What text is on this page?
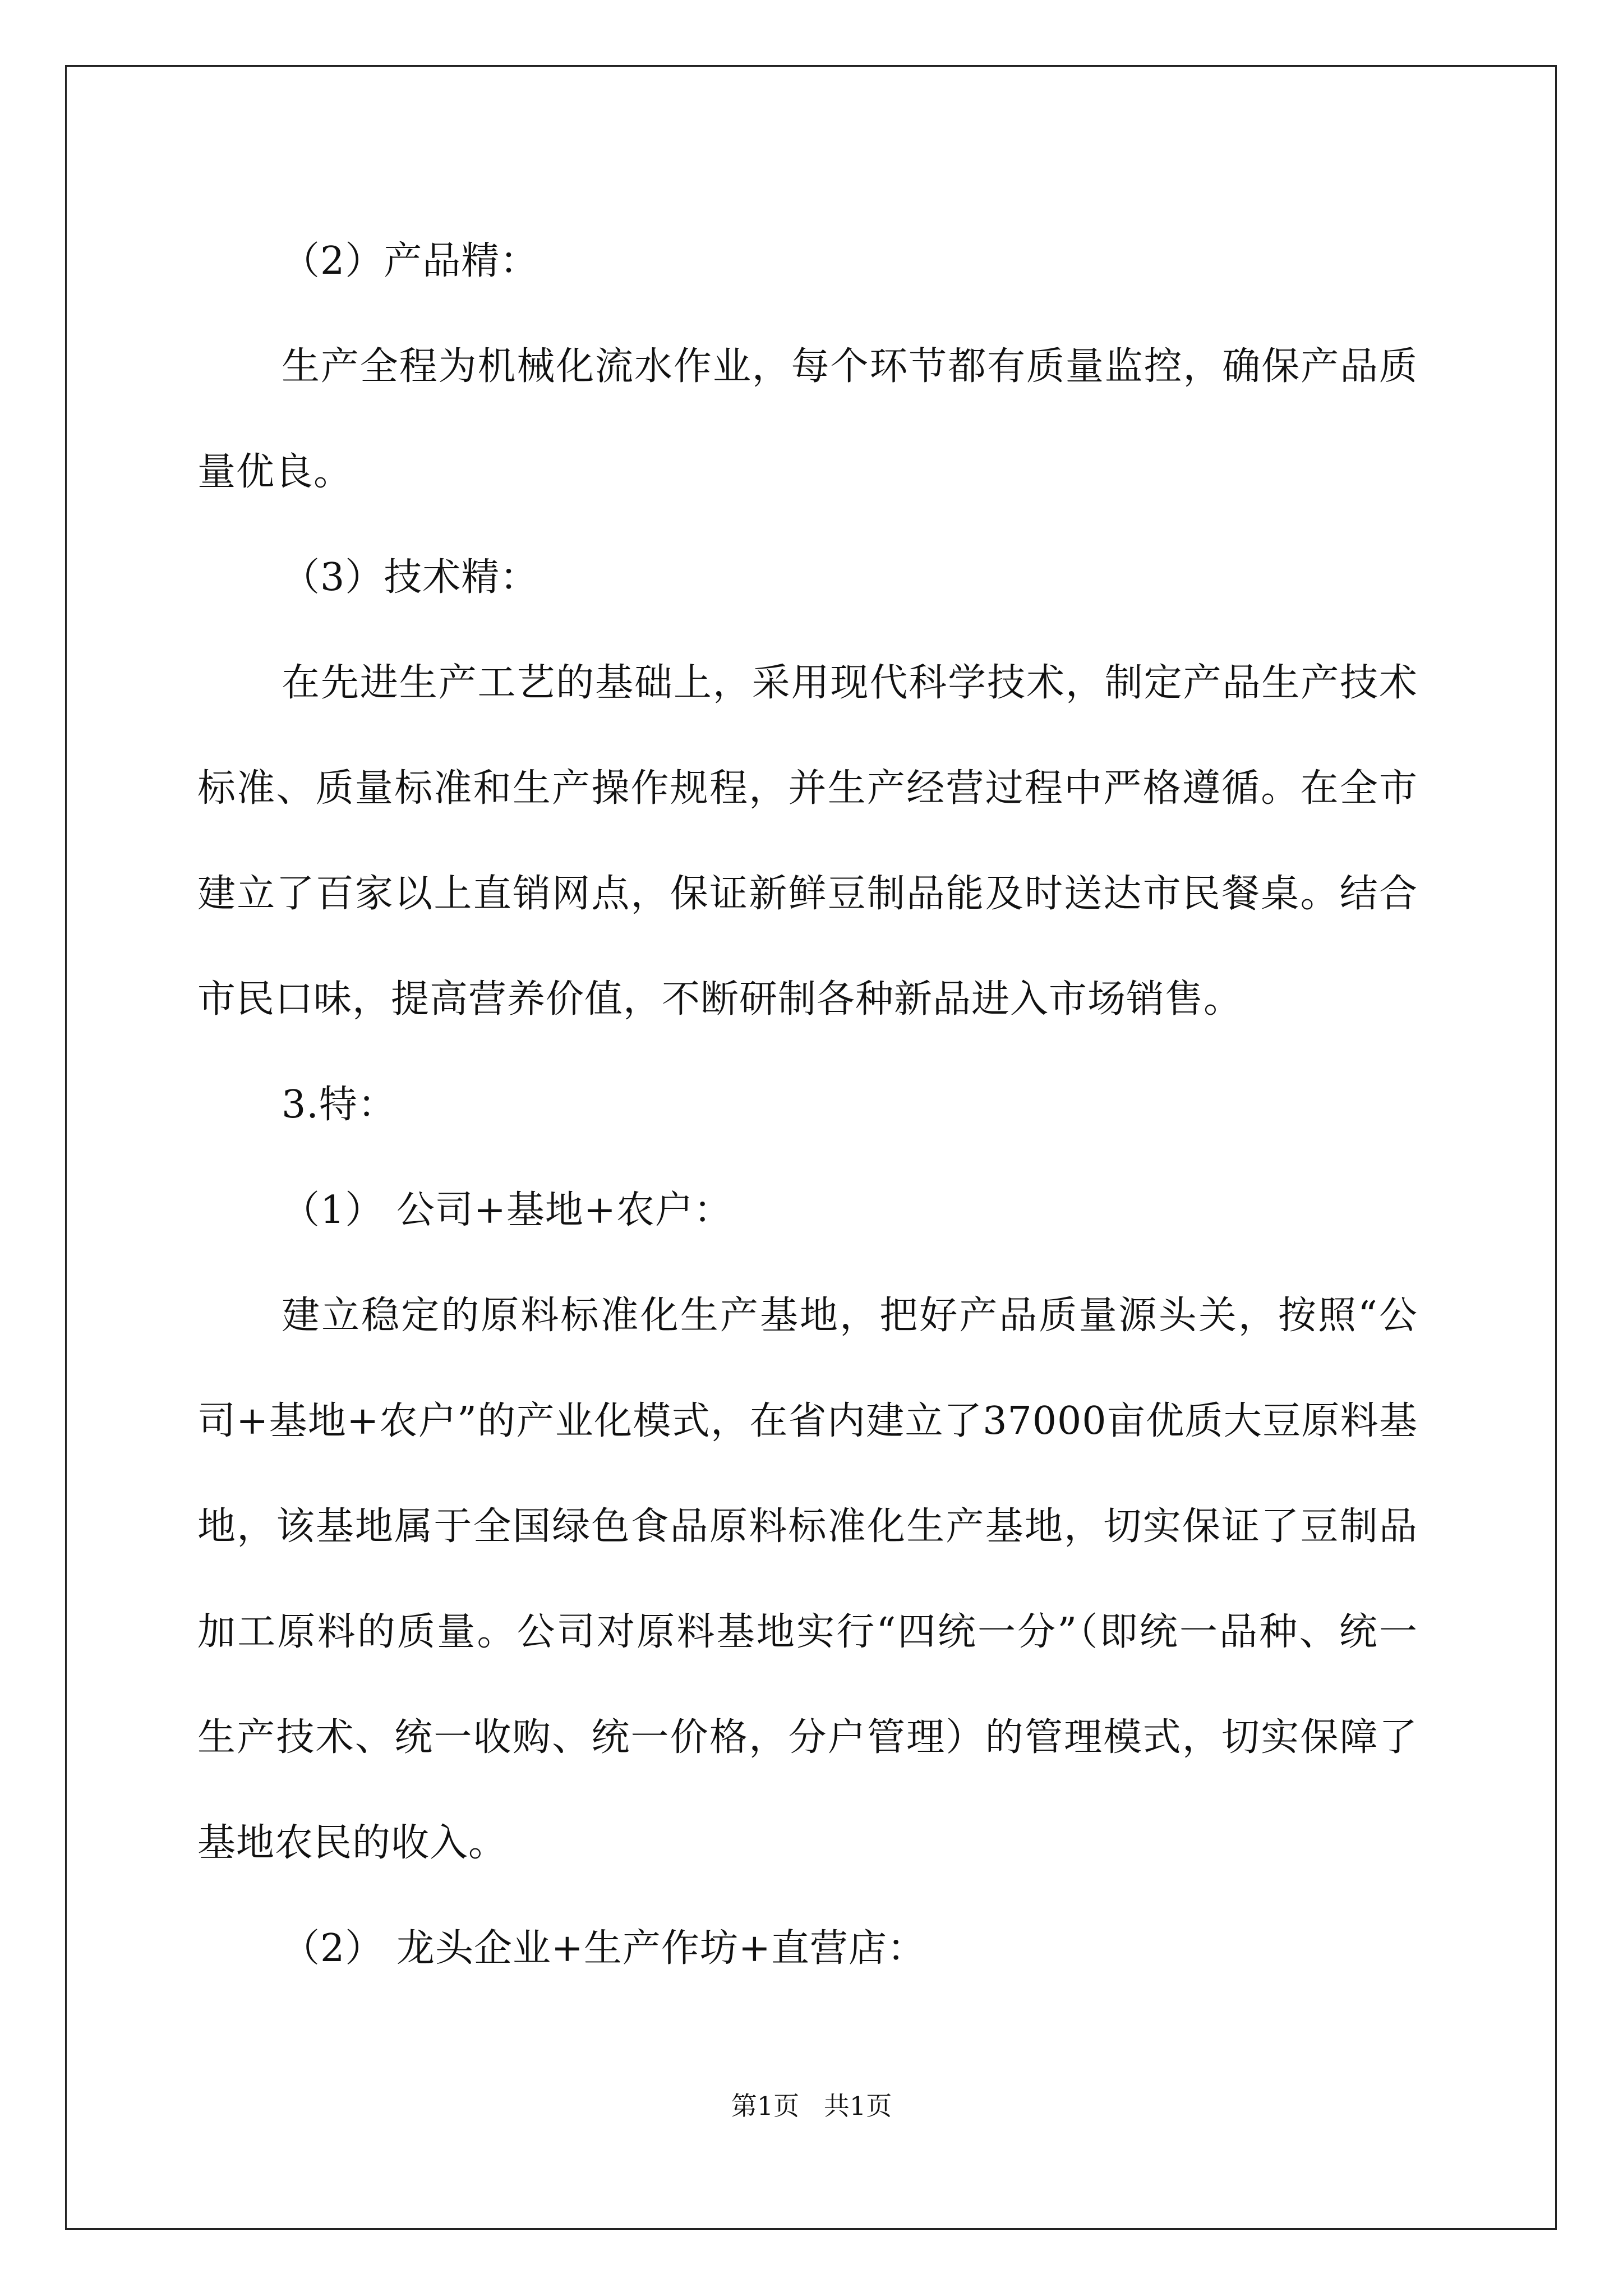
（2）产品精：

生产全程为机械化流水作业，每个环节都有质量监控，确保产品质量优良。

（3）技术精：

在先进生产工艺的基础上，采用现代科学技术，制定产品生产技术标准、质量标准和生产操作规程，并生产经营过程中严格遵循。在全市建立了百家以上直销网点，保证新鲜豆制品能及时送达市民餐桌。结合市民口味，提高营养价值，不断研制各种新品进入市场销售。

3.特：

（1） 公司+基地+农户：

建立稳定的原料标准化生产基地，把好产品质量源头关，按照“公司+基地+农户”的产业化模式，在省内建立了37000亩优质大豆原料基地，该基地属于全国绿色食品原料标准化生产基地，切实保证了豆制品加工原料的质量。公司对原料基地实行“四统一分”（即统一品种、统一生产技术、统一收购、统一价格，分户管理）的管理模式，切实保障了基地农民的收入。

（2） 龙头企业+生产作坊+直营店：

第1页   共1页
